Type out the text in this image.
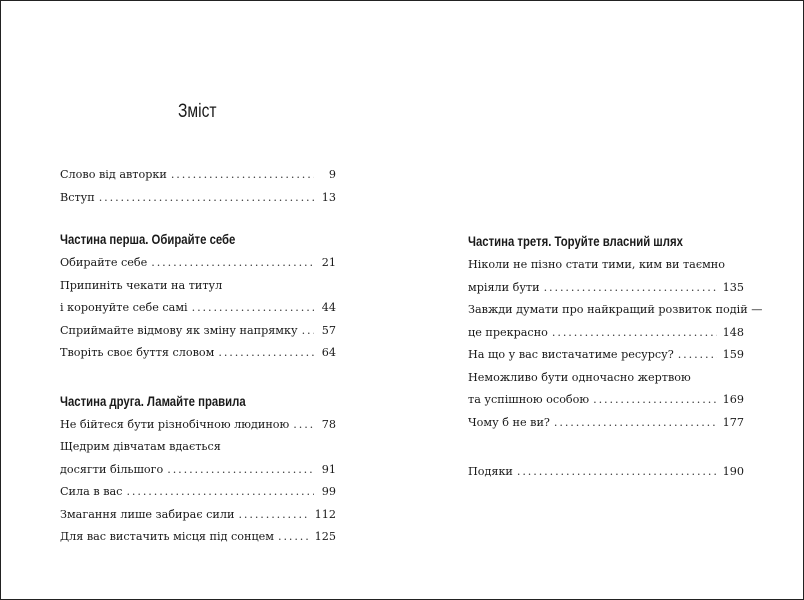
Зміст
Слово від авторки .....	9
Вступ .....	13
Частина перша. Обирайте себе
Обирайте себе .....	21
Припиніть чекати на титул
і коронуйте себе самі .....	44
Сприймайте відмову як зміну напрямку ..... 57
Творіть своє буття словом .....	64
Частина друга. Ламайте правила
Не бійтеся бути різнобічною людиною .....	78
Щедрим дівчатам вдається
досягти більшого .....	91
Сила в вас .....	99
Змагання лише забирає сили .....	112
Для вас вистачить місця під сонцем .....	125
Частина третя. Торуйте власний шлях
Ніколи не пізно стати тими, ким ви таємно
мріяли бути .....	135
Завжди думати про найкращий розвиток подій —
це прекрасно .....	148
На що у вас вистачатиме ресурсу? .....	159
Неможливо бути одночасно жертвою
та успішною особою .....	169
Чому б не ви? .....	177
Подяки .....	190
